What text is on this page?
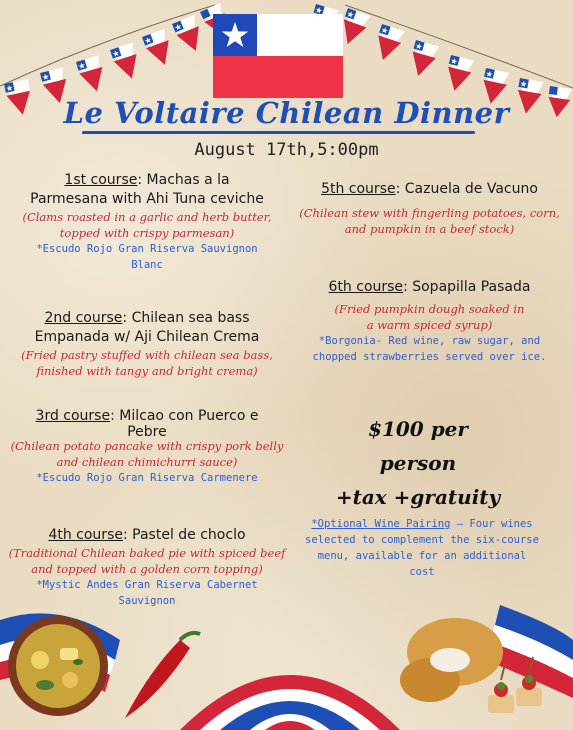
Le Voltaire Chilean Dinner
August 17th,5:00pm
1st course: Machas a la
Parmesana with Ahi Tuna ceviche
(Clams roasted in a garlic and herb butter,
topped with crispy parmesan)
*Escudo Rojo Gran Riserva Sauvignon
Blanc
2nd course: Chilean sea bass
Empanada w/ Aji Chilean Crema
(Fried pastry stuffed with chilean sea bass,
finished with tangy and bright crema)
3rd course: Milcao con Puerco e
Pebre
(Chilean potato pancake with crispy pork belly
and chilean chimichurri sauce)
*Escudo Rojo Gran Riserva Carmenere
4th course: Pastel de choclo
(Traditional Chilean baked pie with spiced beef
and topped with a golden corn topping)
*Mystic Andes Gran Riserva Cabernet
Sauvignon
5th course: Cazuela de Vacuno
(Chilean stew with fingerling potatoes, corn,
and pumpkin in a beef stock)
6th course: Sopapilla Pasada
(Fried pumpkin dough soaked in
a warm spiced syrup)
*Borgonia- Red wine, raw sugar, and
chopped strawberries served over ice.
$100 per
person
+tax +gratuity
*Optional Wine Pairing – Four wines
selected to complement the six-course
menu, available for an additional cost
